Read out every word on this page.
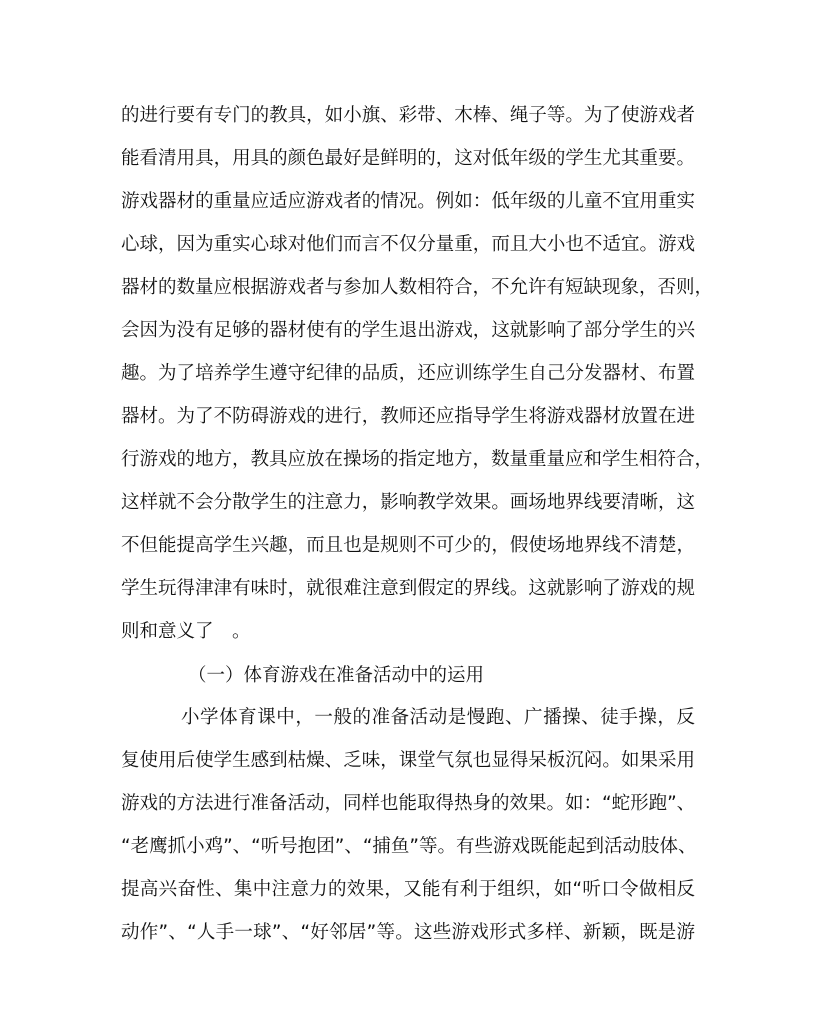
的进行要有专门的教具，如小旗、彩带、木棒、绳子等。为了使游戏者
能看清用具，用具的颜色最好是鲜明的，这对低年级的学生尤其重要。
游戏器材的重量应适应游戏者的情况。例如：低年级的儿童不宜用重实
心球，因为重实心球对他们而言不仅分量重，而且大小也不适宜。游戏
器材的数量应根据游戏者与参加人数相符合，不允许有短缺现象，否则，
会因为没有足够的器材使有的学生退出游戏，这就影响了部分学生的兴
趣。为了培养学生遵守纪律的品质，还应训练学生自己分发器材、布置
器材。为了不防碍游戏的进行，教师还应指导学生将游戏器材放置在进
行游戏的地方，教具应放在操场的指定地方，数量重量应和学生相符合，
这样就不会分散学生的注意力，影响教学效果。画场地界线要清晰，这
不但能提高学生兴趣，而且也是规则不可少的，假使场地界线不清楚，
学生玩得津津有味时，就很难注意到假定的界线。这就影响了游戏的规
则和意义了　。
（一）体育游戏在准备活动中的运用
小学体育课中，一般的准备活动是慢跑、广播操、徒手操，反
复使用后使学生感到枯燥、乏味，课堂气氛也显得呆板沉闷。如果采用
游戏的方法进行准备活动，同样也能取得热身的效果。如：“蛇形跑”、
“老鹰抓小鸡”、“听号抱团”、“捕鱼”等。有些游戏既能起到活动肢体、
提高兴奋性、集中注意力的效果，又能有利于组织，如“听口令做相反
动作”、“人手一球”、“好邻居”等。这些游戏形式多样、新颖，既是游
